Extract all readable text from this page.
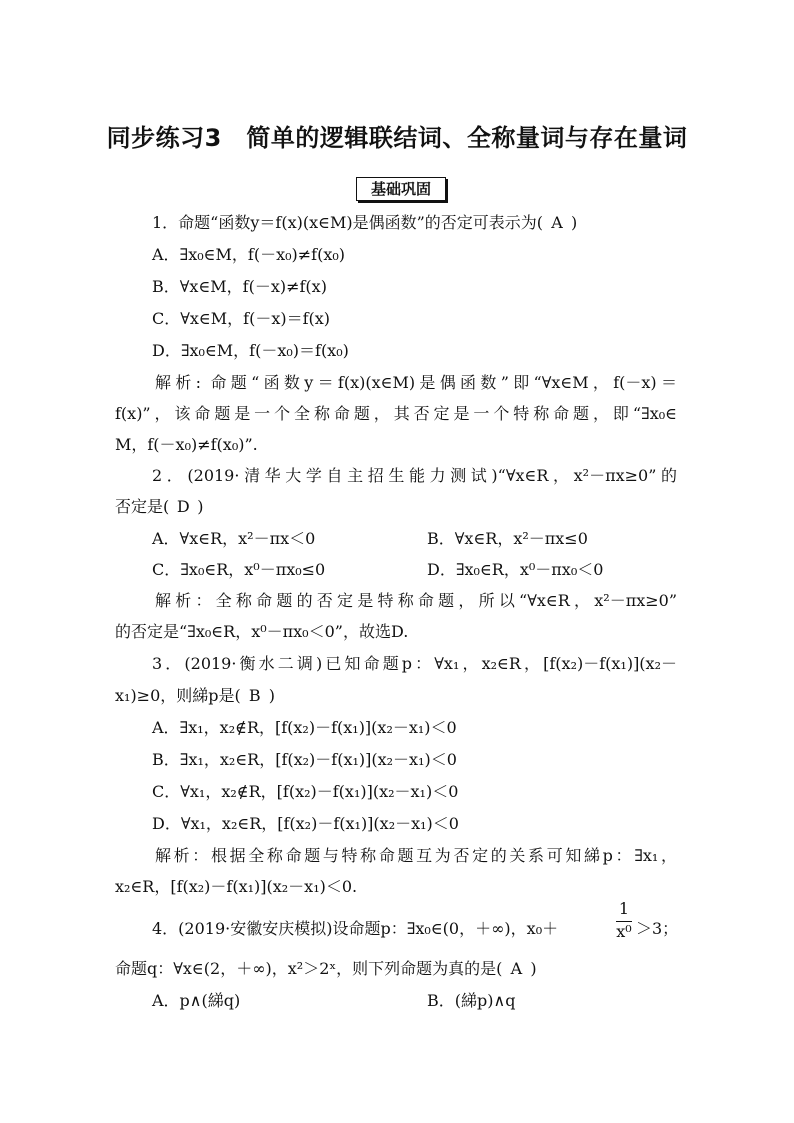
同步练习3　简单的逻辑联结词、全称量词与存在量词
基础巩固
1．命题“函数y＝f(x)(x∈M)是偶函数”的否定可表示为( A )
A．∃x₀∈M，f(－x₀)≠f(x₀)
B．∀x∈M，f(－x)≠f(x)
C．∀x∈M，f(－x)＝f(x)
D．∃x₀∈M，f(－x₀)＝f(x₀)
解析: 命题“函数y＝f(x)(x∈M)是偶函数”即“∀x∈M，f(－x)＝
f(x)”，该命题是一个全称命题，其否定是一个特称命题，即“∃x₀∈
M，f(－x₀)≠f(x₀)”.
2．(2019·清华大学自主招生能力测试)“∀x∈R，x²－πx≥0”的
否定是( D )
A．∀x∈R，x²－πx＜0	B．∀x∈R，x²－πx≤0
C．∃x₀∈R，x⁰－πx₀≤0	D．∃x₀∈R，x⁰－πx₀＜0
解析：全称命题的否定是特称命题，所以“∀x∈R，x²－πx≥0”
的否定是“∃x₀∈R，x⁰－πx₀＜0”，故选D.
3．(2019·衡水二调)已知命题p：∀x₁，x₂∈R，[f(x₂)－f(x₁)](x₂－
x₁)≥0，则綈p是( B )
A．∃x₁，x₂∉R，[f(x₂)－f(x₁)](x₂－x₁)＜0
B．∃x₁，x₂∈R，[f(x₂)－f(x₁)](x₂－x₁)＜0
C．∀x₁，x₂∉R，[f(x₂)－f(x₁)](x₂－x₁)＜0
D．∀x₁，x₂∈R，[f(x₂)－f(x₁)](x₂－x₁)＜0
解析：根据全称命题与特称命题互为否定的关系可知綈p：∃x₁，
x₂∈R，[f(x₂)－f(x₁)](x₂－x₁)＜0.
4．(2019·安徽安庆模拟)设命题p：∃x₀∈(0，＋∞)，x₀＋
1
x⁰ ＞3；
命题q：∀x∈(2，＋∞)，x²＞2ˣ，则下列命题为真的是( A )
A．p∧(綈q)	B．(綈p)∧q
